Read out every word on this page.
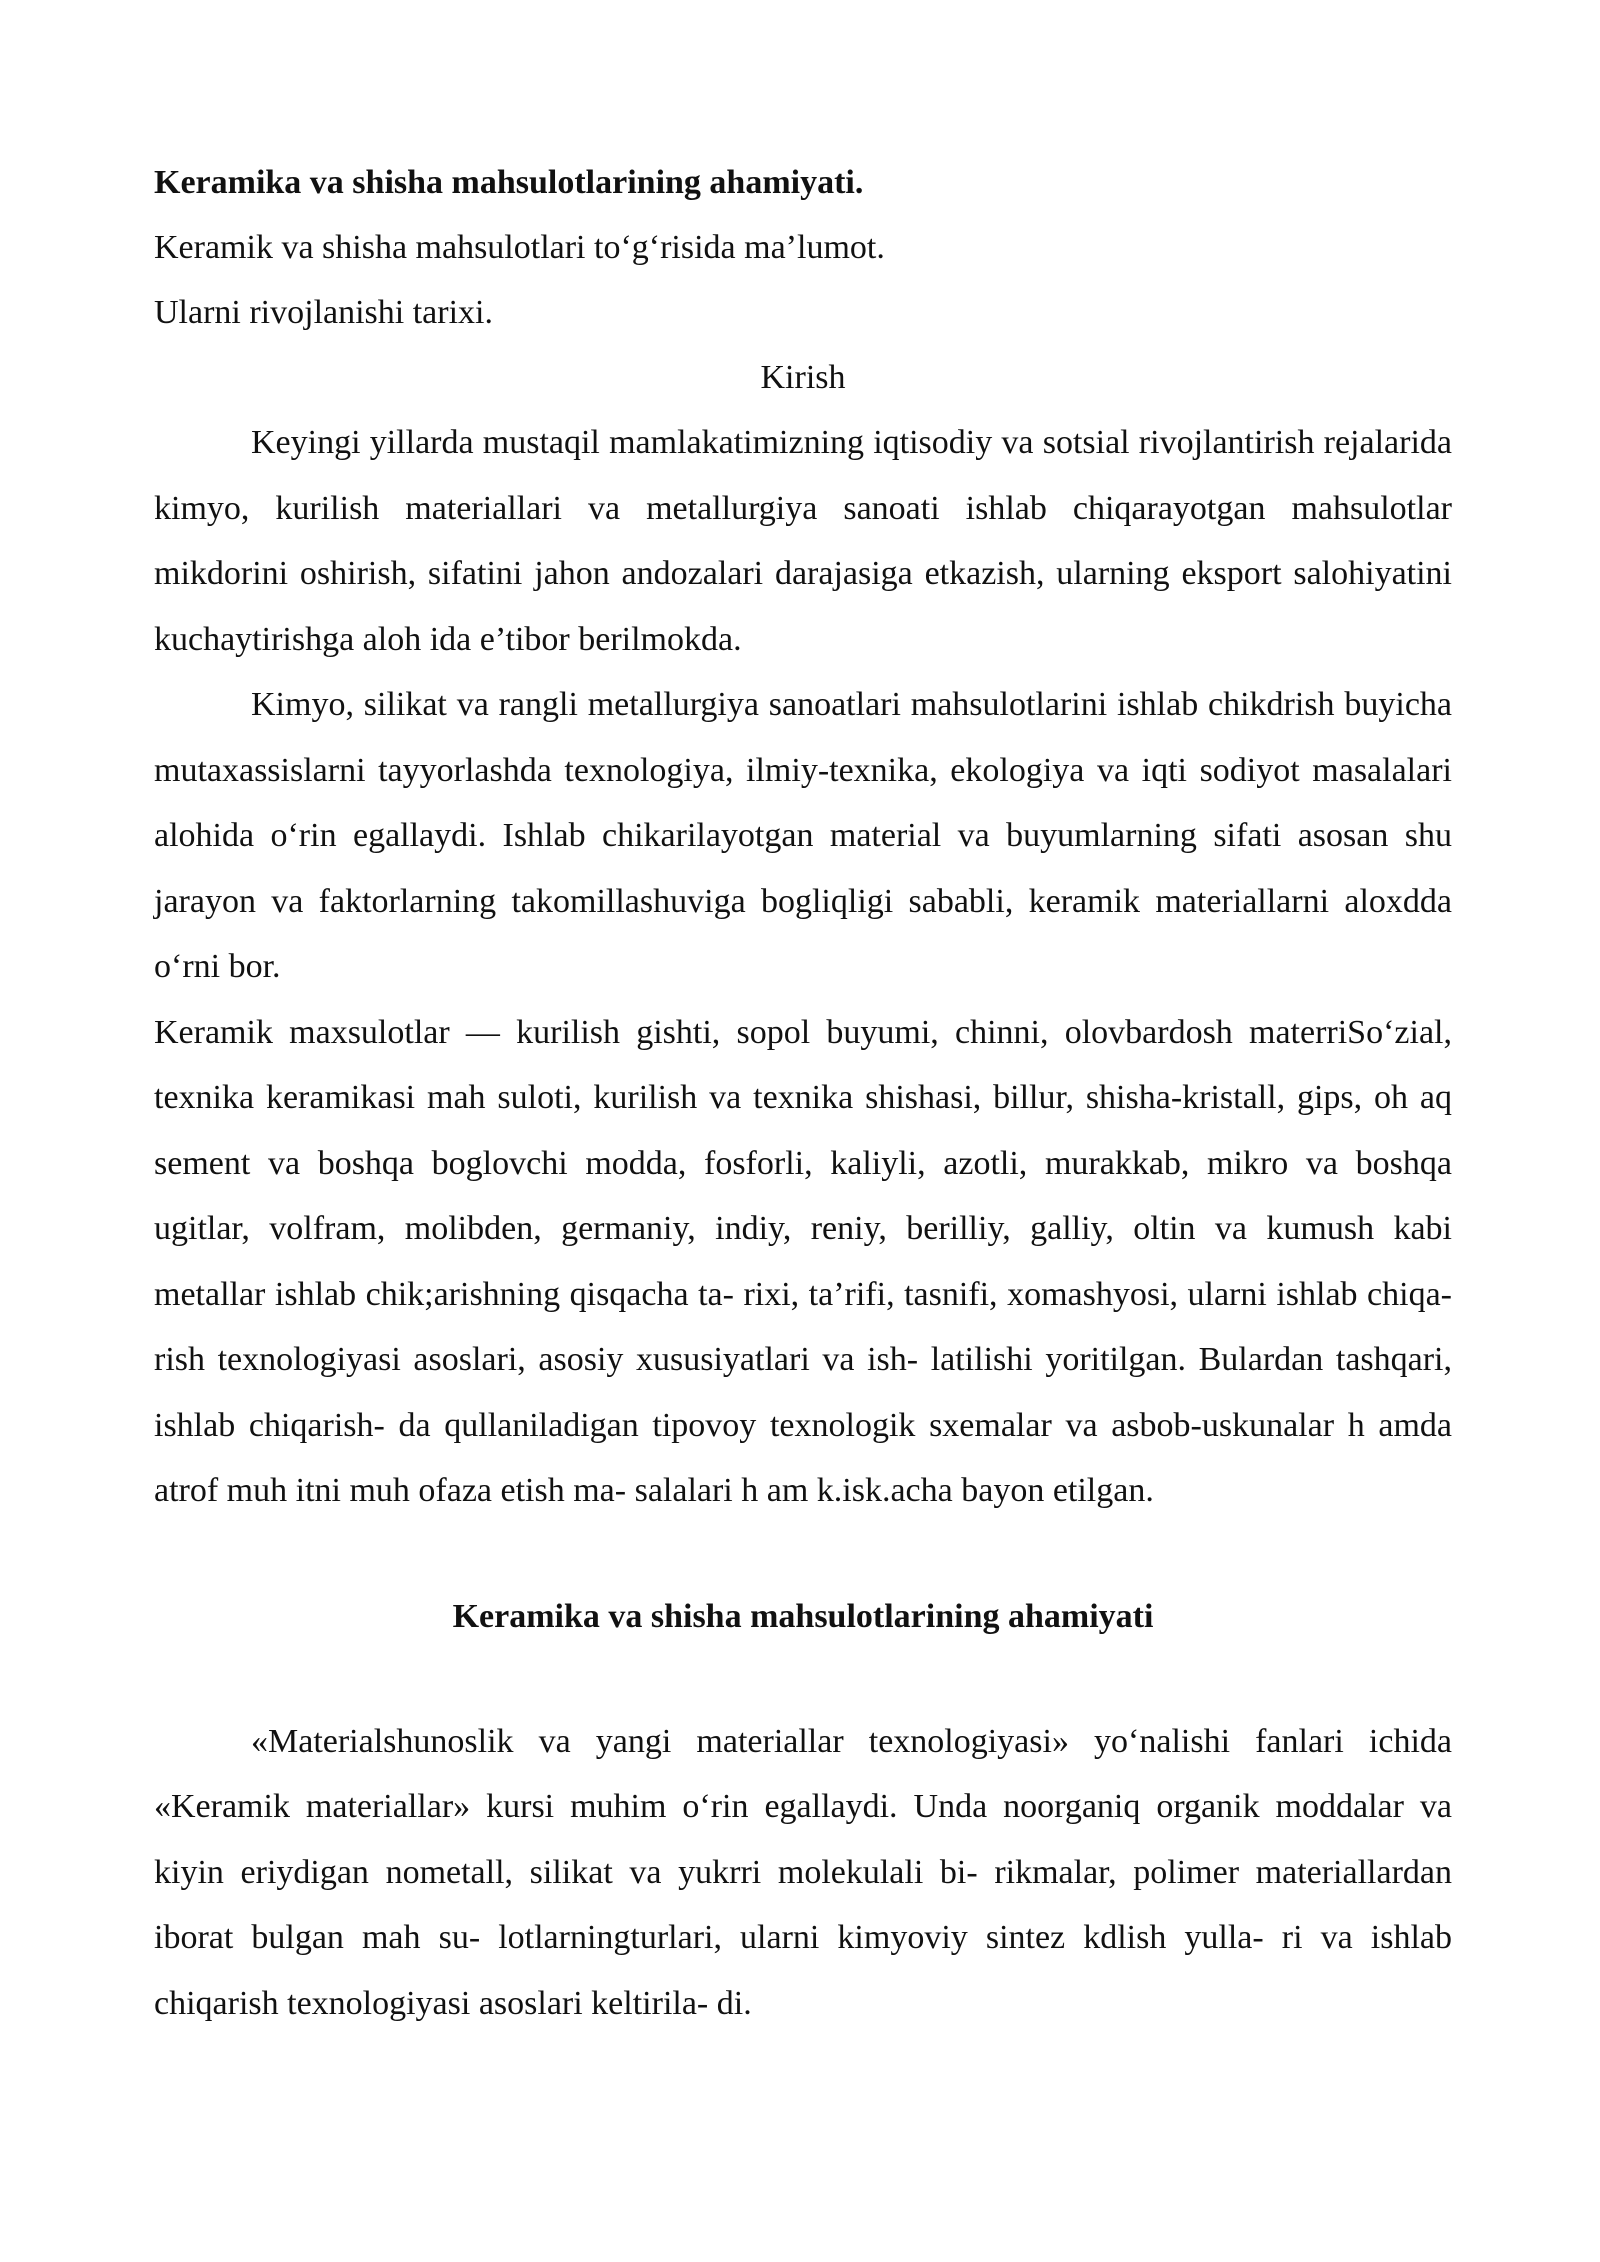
Keramika va shisha mahsulotlarining ahamiyati.

Keramik va shisha mahsulotlari to‘g‘risida ma’lumot.

Ularni rivojlanishi tarixi.

Kirish

Keyingi yillarda mustaqil mamlakatimizning iqtisodiy va sotsial rivojlantirish rejalarida kimyo, kurilish materiallari va metallurgiya sanoati ishlab chiqarayotgan mahsulotlar mikdorini oshirish, sifatini jahon andozalari darajasiga etkazish, ularning eksport salohiyatini kuchaytirishga aloh ida e’tibor berilmokda.

Kimyo, silikat va rangli metallurgiya sanoatlari mahsulotlarini ishlab chikdrish buyicha mutaxassislarni tayyorlashda texnologiya, ilmiy-texnika, ekologiya va iqti sodiyot masalalari alohida o‘rin egallaydi. Ishlab chikarilayotgan material va buyumlarning sifati asosan shu jarayon va faktorlarning takomillashuviga bogliqligi sababli, keramik materiallarni aloxdda o‘rni bor.

Keramik maxsulotlar — kurilish gishti, sopol buyumi, chinni, olovbardosh materriSo‘zial, texnika keramikasi mah suloti, kurilish va texnika shishasi, billur, shisha-kristall, gips, oh aq sement va boshqa boglovchi modda, fosforli, kaliyli, azotli, murakkab, mikro va boshqa ugitlar, volfram, molibden, germaniy, indiy, reniy, berilliy, galliy, oltin va kumush kabi metallar ishlab chik;arishning qisqacha ta- rixi, ta’rifi, tasnifi, xomashyosi, ularni ishlab chiqa- rish texnologiyasi asoslari, asosiy xususiyatlari va ish- latilishi yoritilgan. Bulardan tashqari, ishlab chiqarish- da qullaniladigan tipovoy texnologik sxemalar va asbob-uskunalar h amda atrof muh itni muh ofaza etish ma- salalari h am k.isk.acha bayon etilgan.

Keramika va shisha mahsulotlarining ahamiyati

«Materialshunoslik va yangi materiallar texnologiyasi» yo‘nalishi fanlari ichida «Keramik materiallar» kursi muhim o‘rin egallaydi. Unda noorganiq organik moddalar va kiyin eriydigan nometall, silikat va yukrri molekulali bi- rikmalar, polimer materiallardan iborat bulgan mah su- lotlarningturlari, ularni kimyoviy sintez kdlish yulla- ri va ishlab chiqarish texnologiyasi asoslari keltirila- di.
